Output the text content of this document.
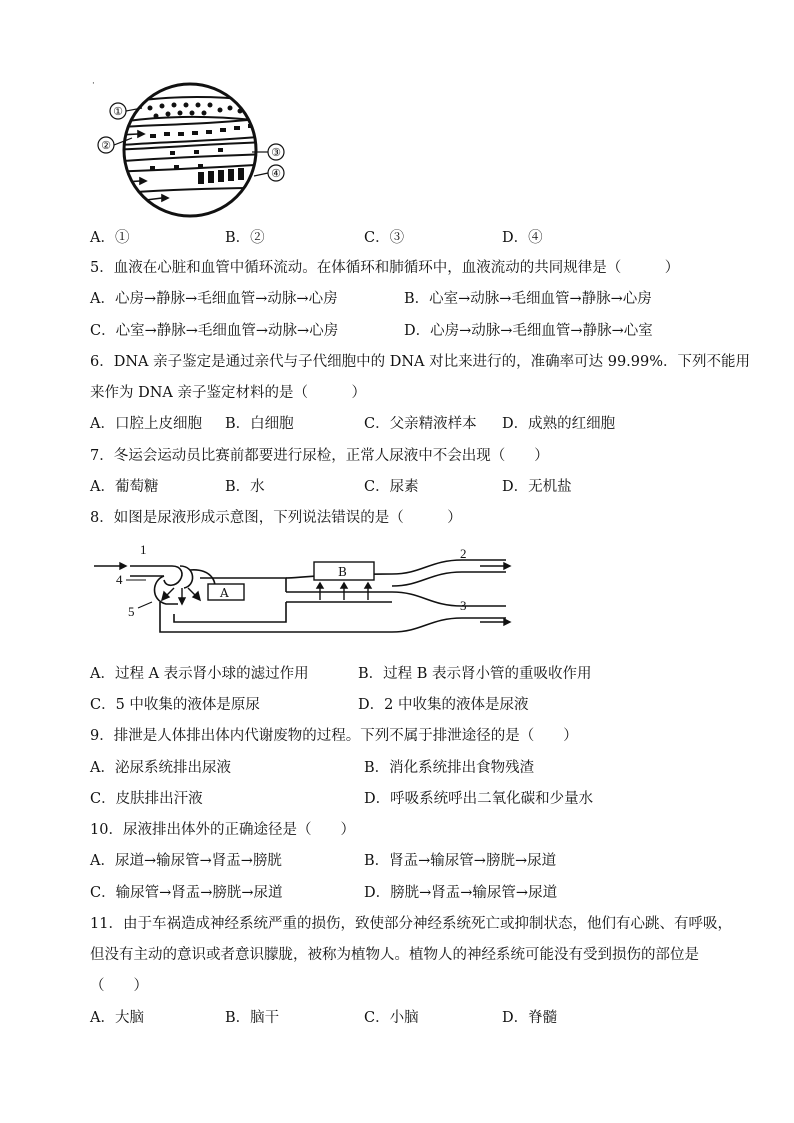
·
①
②
③
④
A．①	B．②	C．③	D．④
5．血液在心脏和血管中循环流动。在体循环和肺循环中，血液流动的共同规律是（　　　）
A．心房→静脉→毛细血管→动脉→心房	B．心室→动脉→毛细血管→静脉→心房
C．心室→静脉→毛细血管→动脉→心房	D．心房→动脉→毛细血管→静脉→心室
6．DNA 亲子鉴定是通过亲代与子代细胞中的 DNA 对比来进行的，准确率可达 99.99%．下列不能用
来作为 DNA 亲子鉴定材料的是（　　　）
A．口腔上皮细胞 B．白细胞	C．父亲精液样本 D．成熟的红细胞
7．冬运会运动员比赛前都要进行尿检，正常人尿液中不会出现（　　）
A．葡萄糖	B．水	C．尿素	D．无机盐
8．如图是尿液形成示意图，下列说法错误的是（　　　）
1	2
3
4
5
A
B
A．过程 A 表示肾小球的滤过作用	B．过程 B 表示肾小管的重吸收作用
C．5 中收集的液体是原尿	D．2 中收集的液体是尿液
9．排泄是人体排出体内代谢废物的过程。下列不属于排泄途径的是（　　）
A．泌尿系统排出尿液	B．消化系统排出食物残渣
C．皮肤排出汗液	D．呼吸系统呼出二氧化碳和少量水
10．尿液排出体外的正确途径是（　　）
A．尿道→输尿管→肾盂→膀胱	B．肾盂→输尿管→膀胱→尿道
C．输尿管→肾盂→膀胱→尿道	D．膀胱→肾盂→输尿管→尿道
11．由于车祸造成神经系统严重的损伤，致使部分神经系统死亡或抑制状态，他们有心跳、有呼吸，
但没有主动的意识或者意识朦胧，被称为植物人。植物人的神经系统可能没有受到损伤的部位是
（　　）
A．大脑	B．脑干	C．小脑	D．脊髓
